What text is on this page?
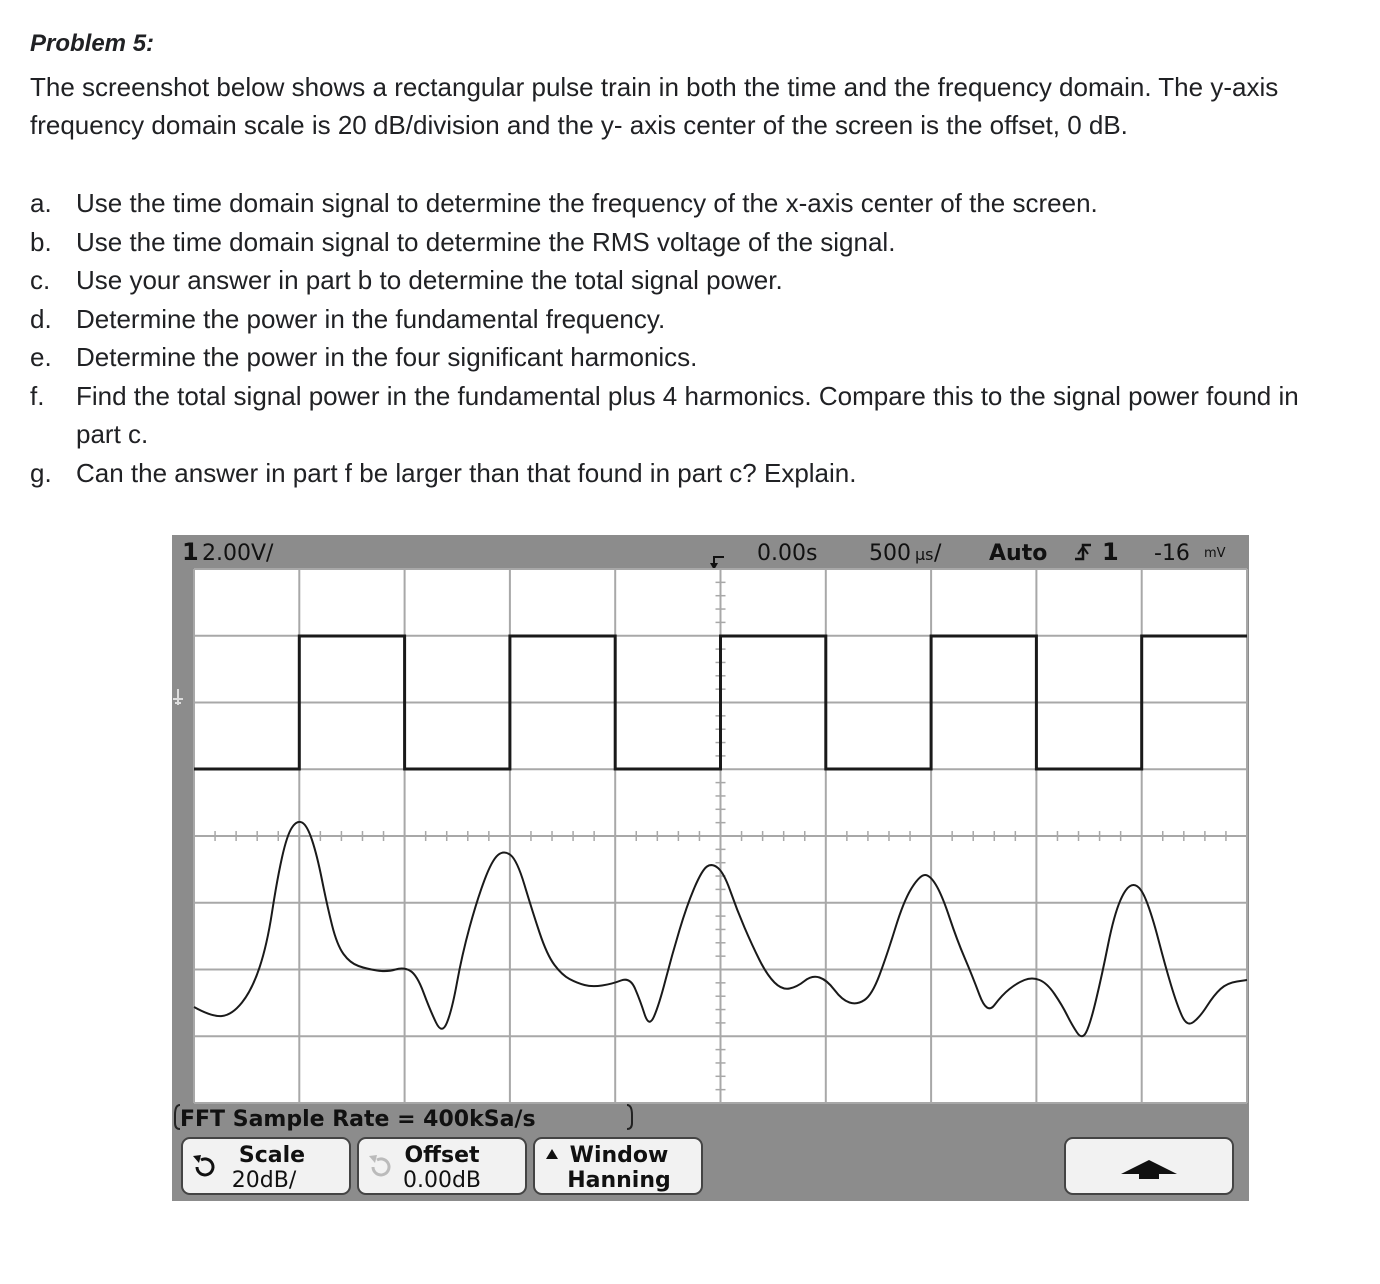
Problem 5:
The screenshot below shows a rectangular pulse train in both the time and the frequency domain. The y-axis frequency domain scale is 20 dB/division and the y- axis center of the screen is the offset, 0 dB.
a. Use the time domain signal to determine the frequency of the x-axis center of the screen.
b. Use the time domain signal to determine the RMS voltage of the signal.
c. Use your answer in part b to determine the total signal power.
d. Determine the power in the fundamental frequency.
e. Determine the power in the four significant harmonics.
f.	Find the total signal power in the fundamental plus 4 harmonics. Compare this to the signal power found in part c.
g. Can the answer in part f be larger than that found in part c? Explain.
1 2.00V/	0.00s 500 µs / Auto 1 -16 mV
FFT Sample Rate = 400kSa/s
Scale
20dB/
Offset
0.00dB
Window
Hanning
